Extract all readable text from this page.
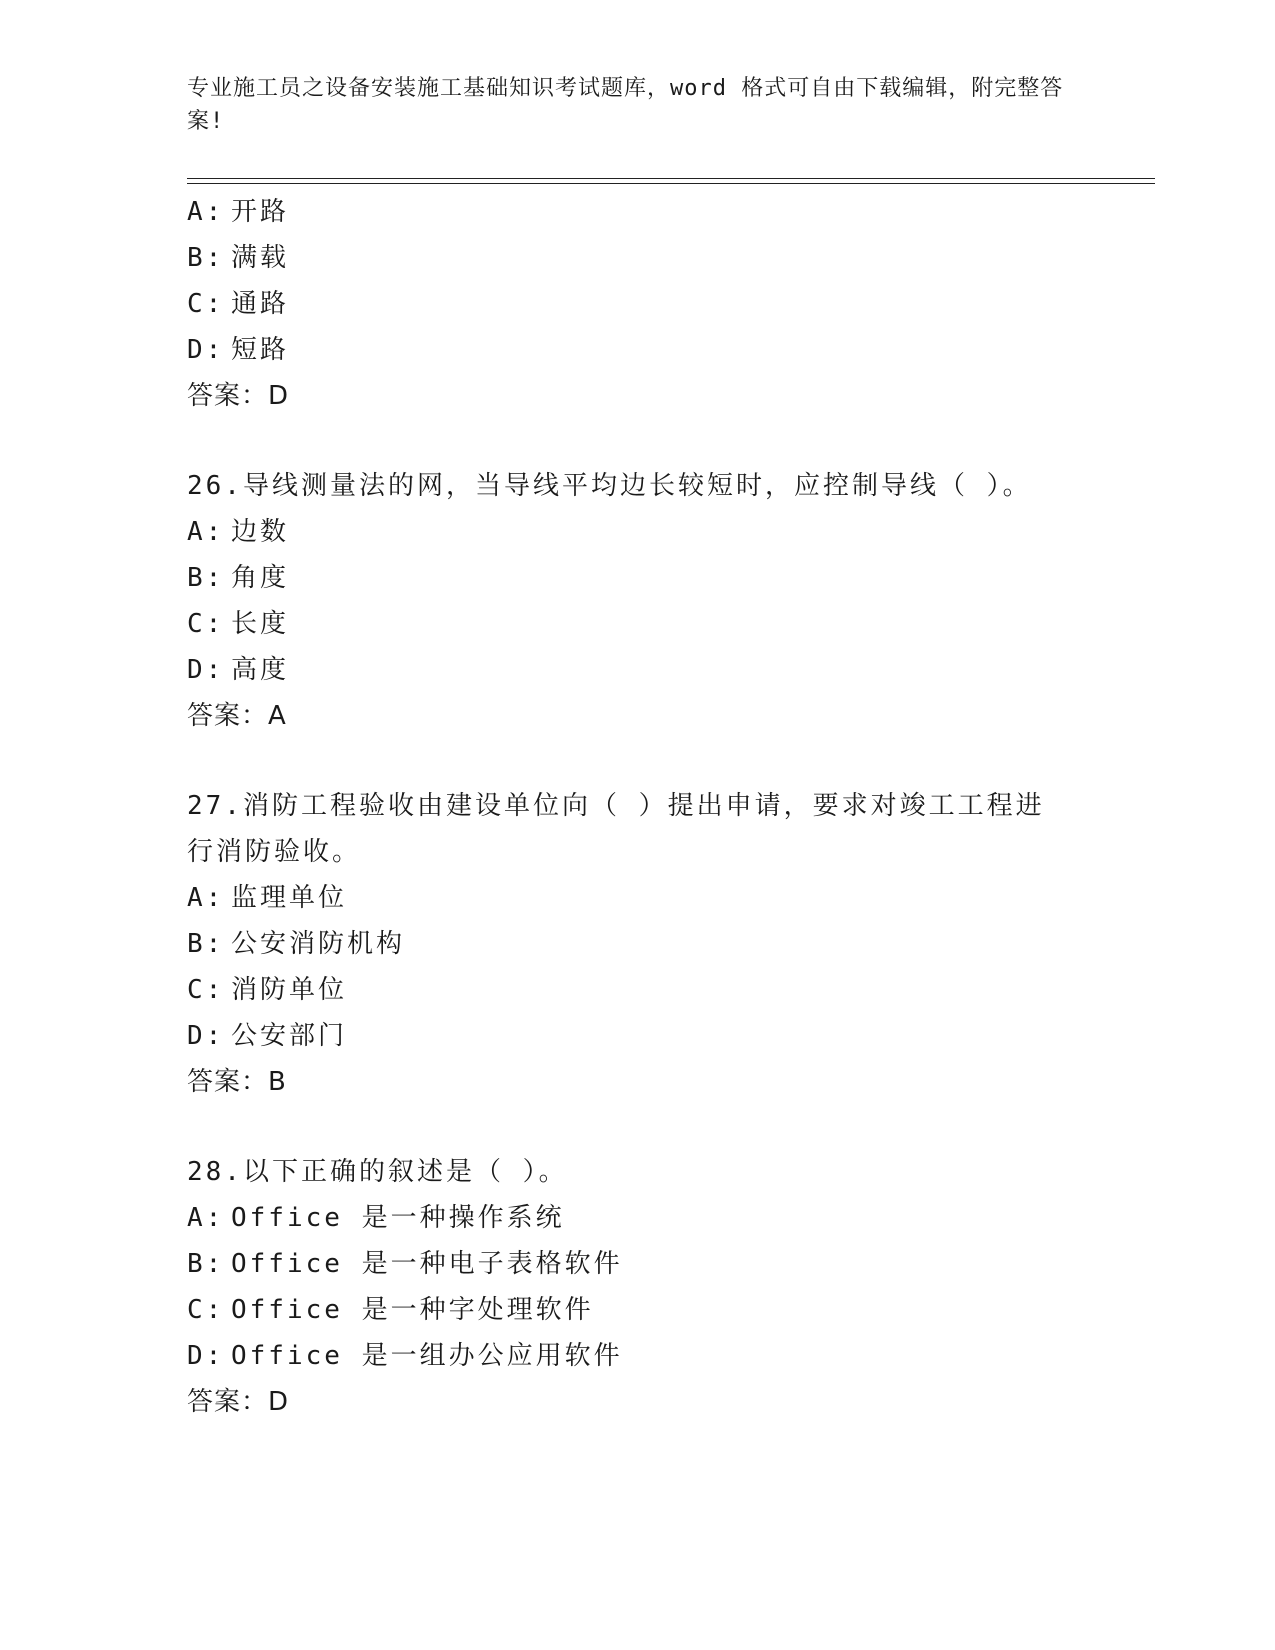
专业施工员之设备安装施工基础知识考试题库，word 格式可自由下载编辑，附完整答案!
A: 开路
B: 满载
C: 通路
D: 短路
答案：D
26.导线测量法的网，当导线平均边长较短时，应控制导线（ ）。
A: 边数
B: 角度
C: 长度
D: 高度
答案：A
27.消防工程验收由建设单位向（ ）提出申请，要求对竣工工程进行消防验收。
A: 监理单位
B: 公安消防机构
C: 消防单位
D: 公安部门
答案：B
28.以下正确的叙述是（ ）。
A: Office 是一种操作系统
B: Office 是一种电子表格软件
C: Office 是一种字处理软件
D: Office 是一组办公应用软件
答案：D
